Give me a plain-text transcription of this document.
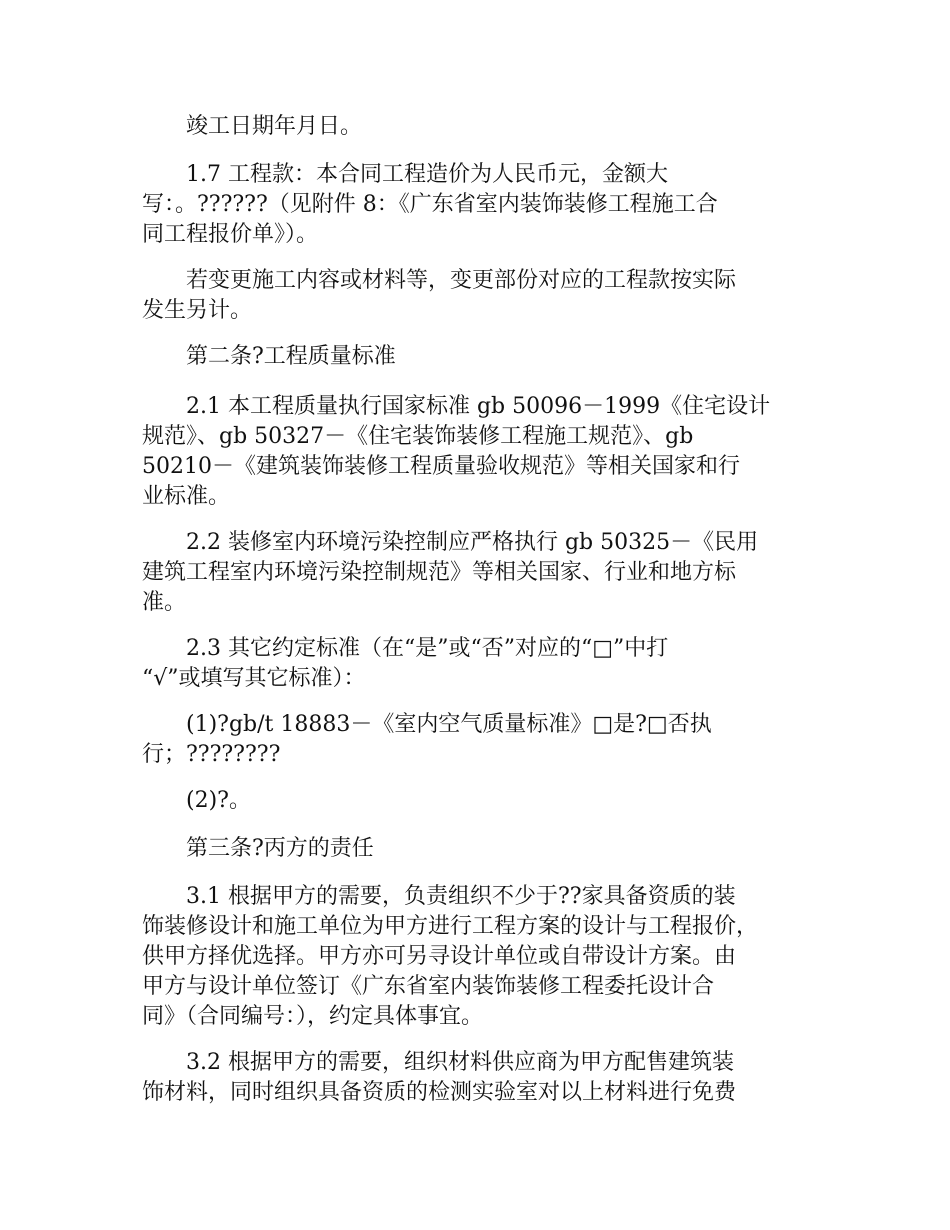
竣工日期年月日。

1.7 工程款：本合同工程造价为人民币元，金额大
写：。??????（见附件 8：《广东省室内装饰装修工程施工合
同工程报价单》）。

若变更施工内容或材料等，变更部份对应的工程款按实际
发生另计。

第二条?工程质量标准

2.1 本工程质量执行国家标准 gb 50096－1999《住宅设计
规范》、gb 50327－《住宅装饰装修工程施工规范》、gb
50210－《建筑装饰装修工程质量验收规范》等相关国家和行
业标准。

2.2 装修室内环境污染控制应严格执行 gb 50325－《民用
建筑工程室内环境污染控制规范》等相关国家、行业和地方标
准。

2.3 其它约定标准（在“是”或“否”对应的“□”中打
“√”或填写其它标准）：

(1)?gb/t 18883－《室内空气质量标准》□是?□否执
行；????????

(2)?。

第三条?丙方的责任

3.1 根据甲方的需要，负责组织不少于??家具备资质的装
饰装修设计和施工单位为甲方进行工程方案的设计与工程报价，
供甲方择优选择。甲方亦可另寻设计单位或自带设计方案。由
甲方与设计单位签订《广东省室内装饰装修工程委托设计合
同》（合同编号：），约定具体事宜。

3.2 根据甲方的需要，组织材料供应商为甲方配售建筑装
饰材料，同时组织具备资质的检测实验室对以上材料进行免费
